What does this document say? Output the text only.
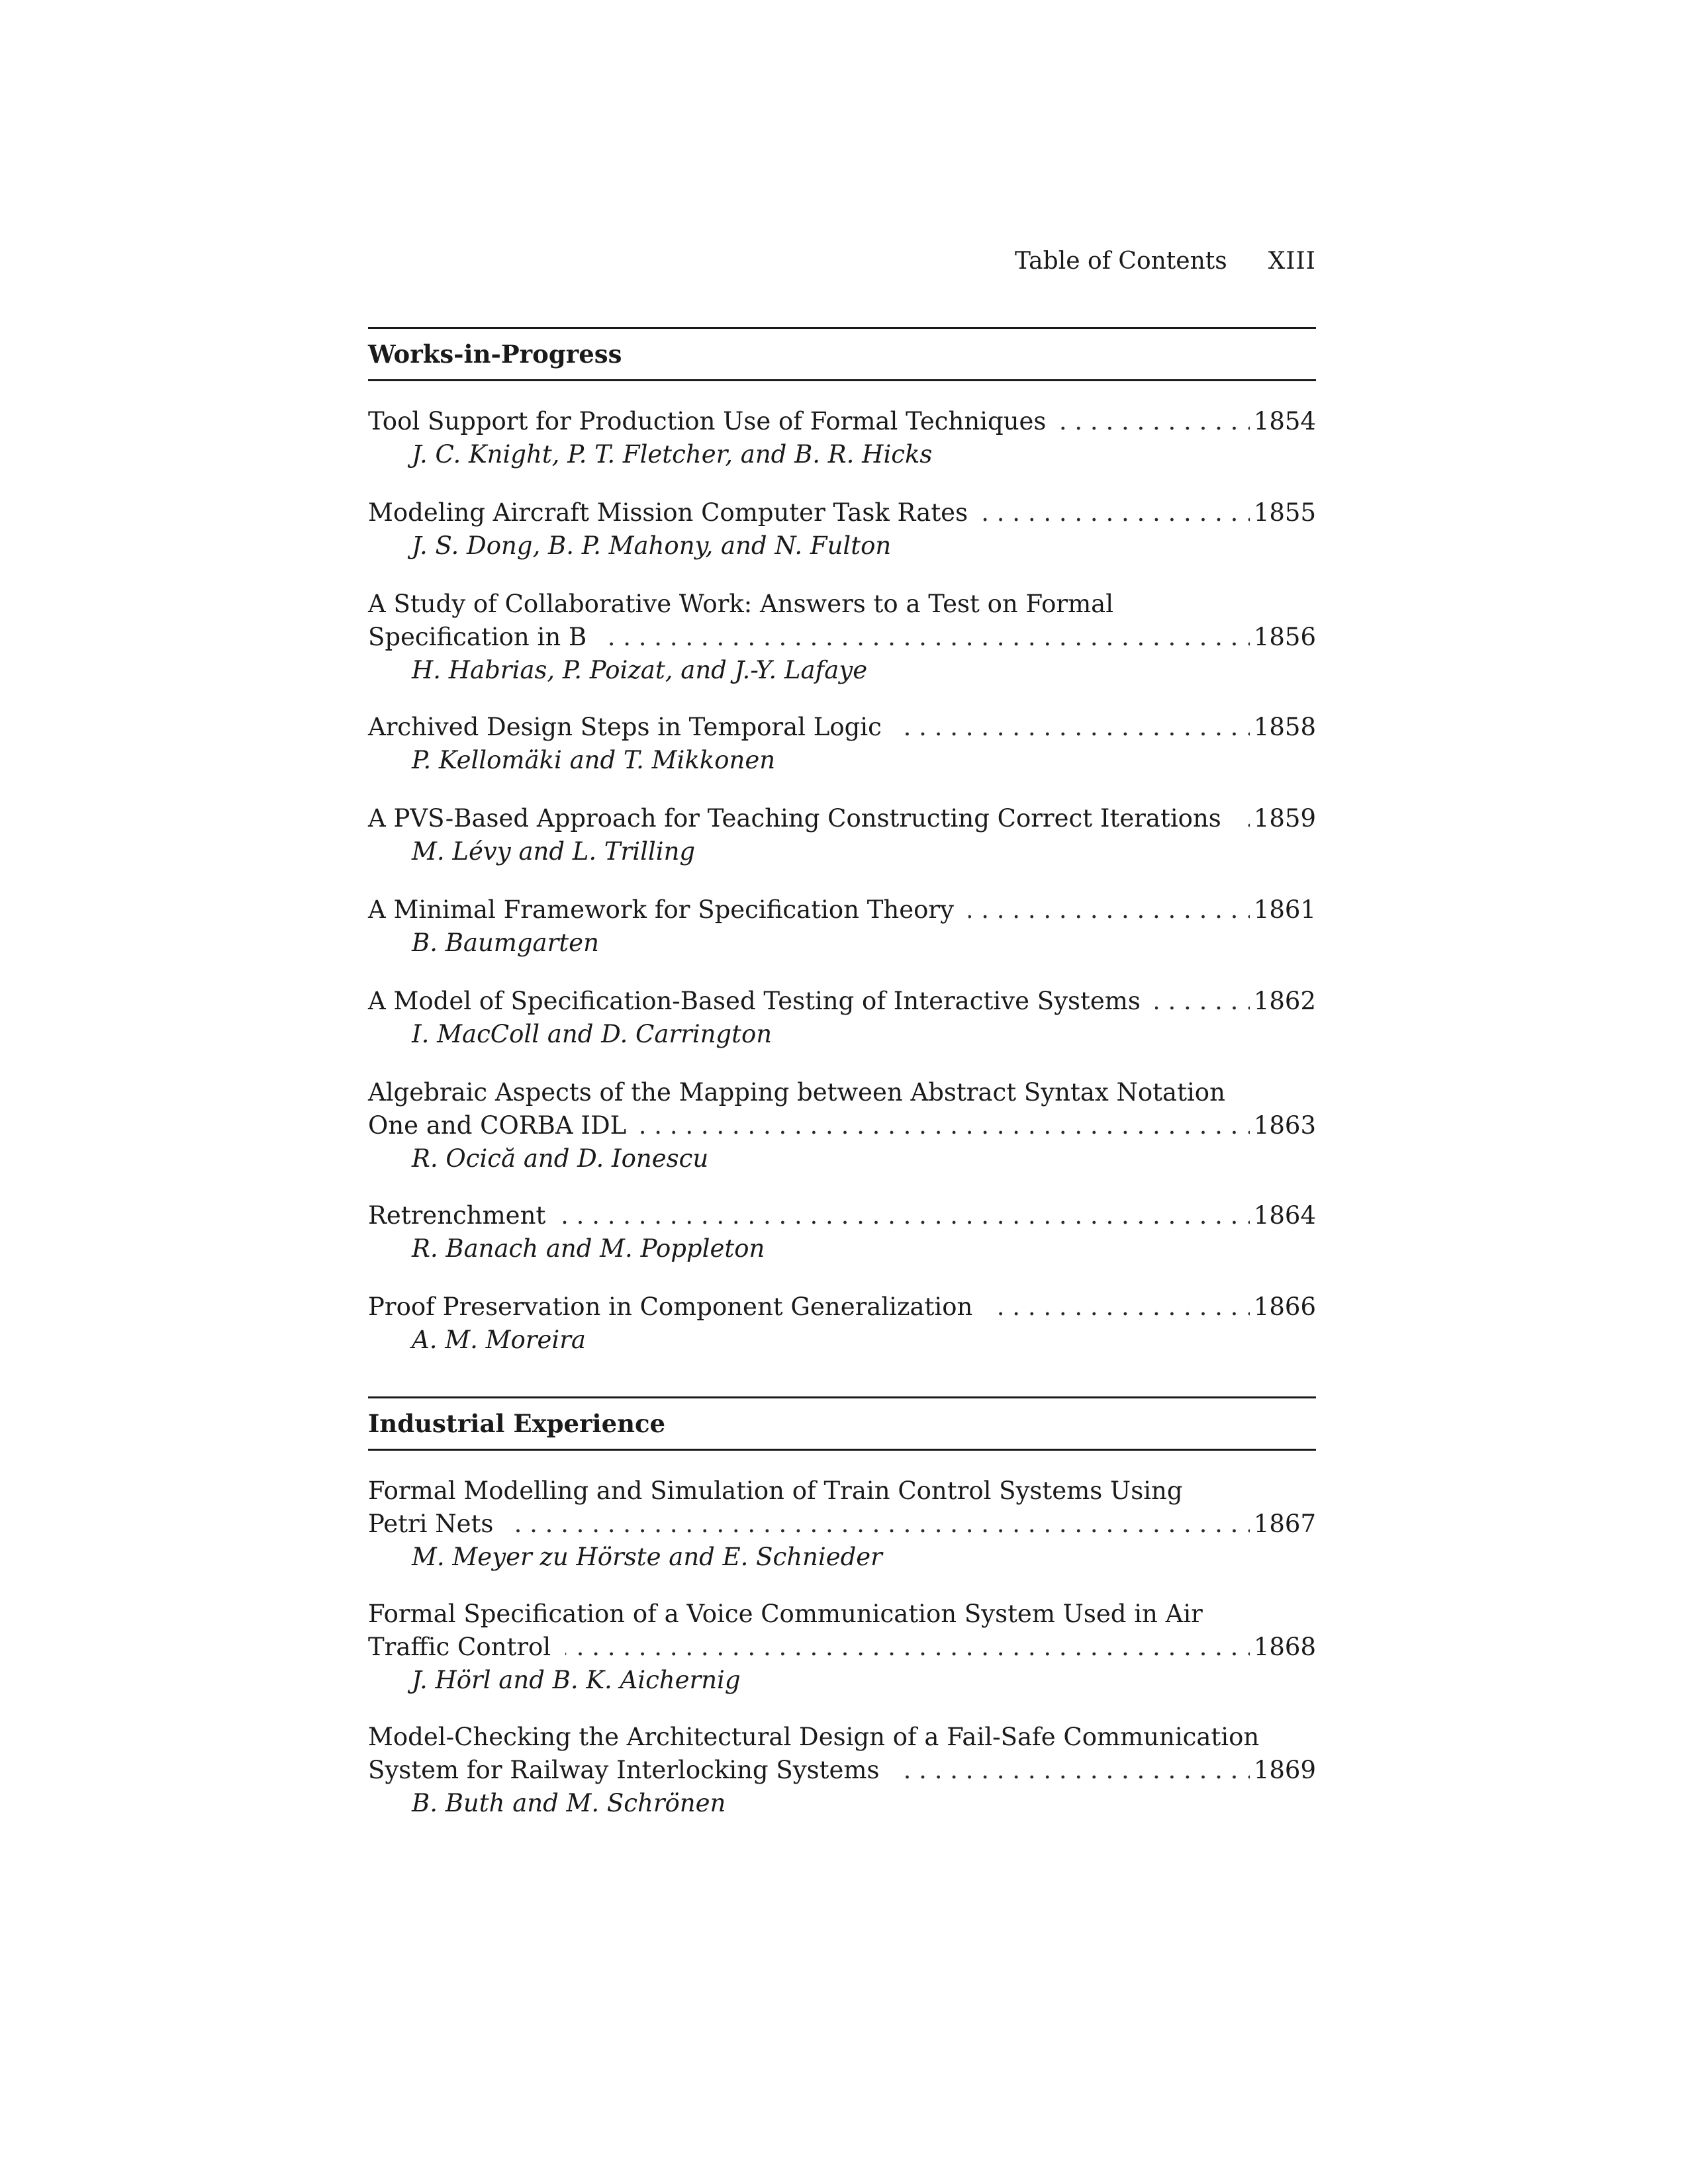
Table of Contents XIII
Works-in-Progress
. . .
Tool Support for Production Use of Formal Techniques	1854
J. C. Knight, P. T. Fletcher, and B. R. Hicks
. . .
Modeling Aircraft Mission Computer Task Rates	1855
J. S. Dong, B. P. Mahony, and N. Fulton
A Study of Collaborative Work: Answers to a Test on Formal
. . .
Specification in B	1856
H. Habrias, P. Poizat, and J.-Y. Lafaye
. . .
Archived Design Steps in Temporal Logic	1858
P. Kellomäki and T. Mikkonen
. . .
A PVS-Based Approach for Teaching Constructing Correct Iterations 1859
M. Lévy and L. Trilling
. . .
A Minimal Framework for Specification Theory	1861
B. Baumgarten
. . .
A Model of Specification-Based Testing of Interactive Systems	1862
I. MacColl and D. Carrington
Algebraic Aspects of the Mapping between Abstract Syntax Notation
. . .
One and CORBA IDL	1863
R. Ocică and D. Ionescu
. . .
Retrenchment	1864
R. Banach and M. Poppleton
. . .
Proof Preservation in Component Generalization	1866
A. M. Moreira
Industrial Experience
Formal Modelling and Simulation of Train Control Systems Using
. . .
Petri Nets	1867
M. Meyer zu Hörste and E. Schnieder
Formal Specification of a Voice Communication System Used in Air
. . .
Traffic Control	1868
J. Hörl and B. K. Aichernig
Model-Checking the Architectural Design of a Fail-Safe Communication
. . .
System for Railway Interlocking Systems	1869
B. Buth and M. Schrönen
